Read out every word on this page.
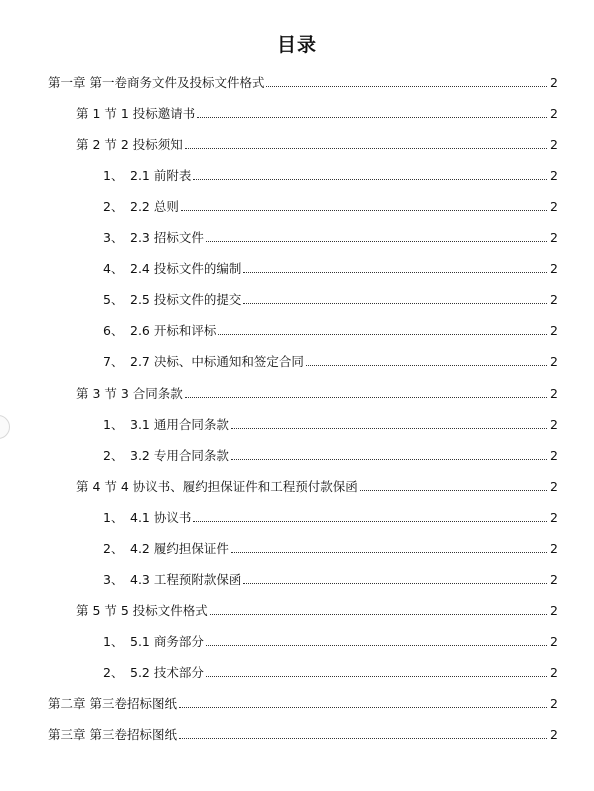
目录
第一章 第一卷商务文件及投标文件格式	2
第 1 节 1 投标邀请书	2
第 2 节 2 投标须知	2
1、 2.1 前附表	2
2、 2.2 总则	2
3、 2.3 招标文件	2
4、 2.4 投标文件的编制	2
5、 2.5 投标文件的提交	2
6、 2.6 开标和评标	2
7、 2.7 决标、中标通知和签定合同	2
第 3 节 3 合同条款	2
1、 3.1 通用合同条款	2
2、 3.2 专用合同条款	2
第 4 节 4 协议书、履约担保证件和工程预付款保函	2
1、 4.1 协议书	2
2、 4.2 履约担保证件	2
3、 4.3 工程预附款保函	2
第 5 节 5 投标文件格式	2
1、 5.1 商务部分	2
2、 5.2 技术部分	2
第二章 第三卷招标图纸	2
第三章 第三卷招标图纸	2
